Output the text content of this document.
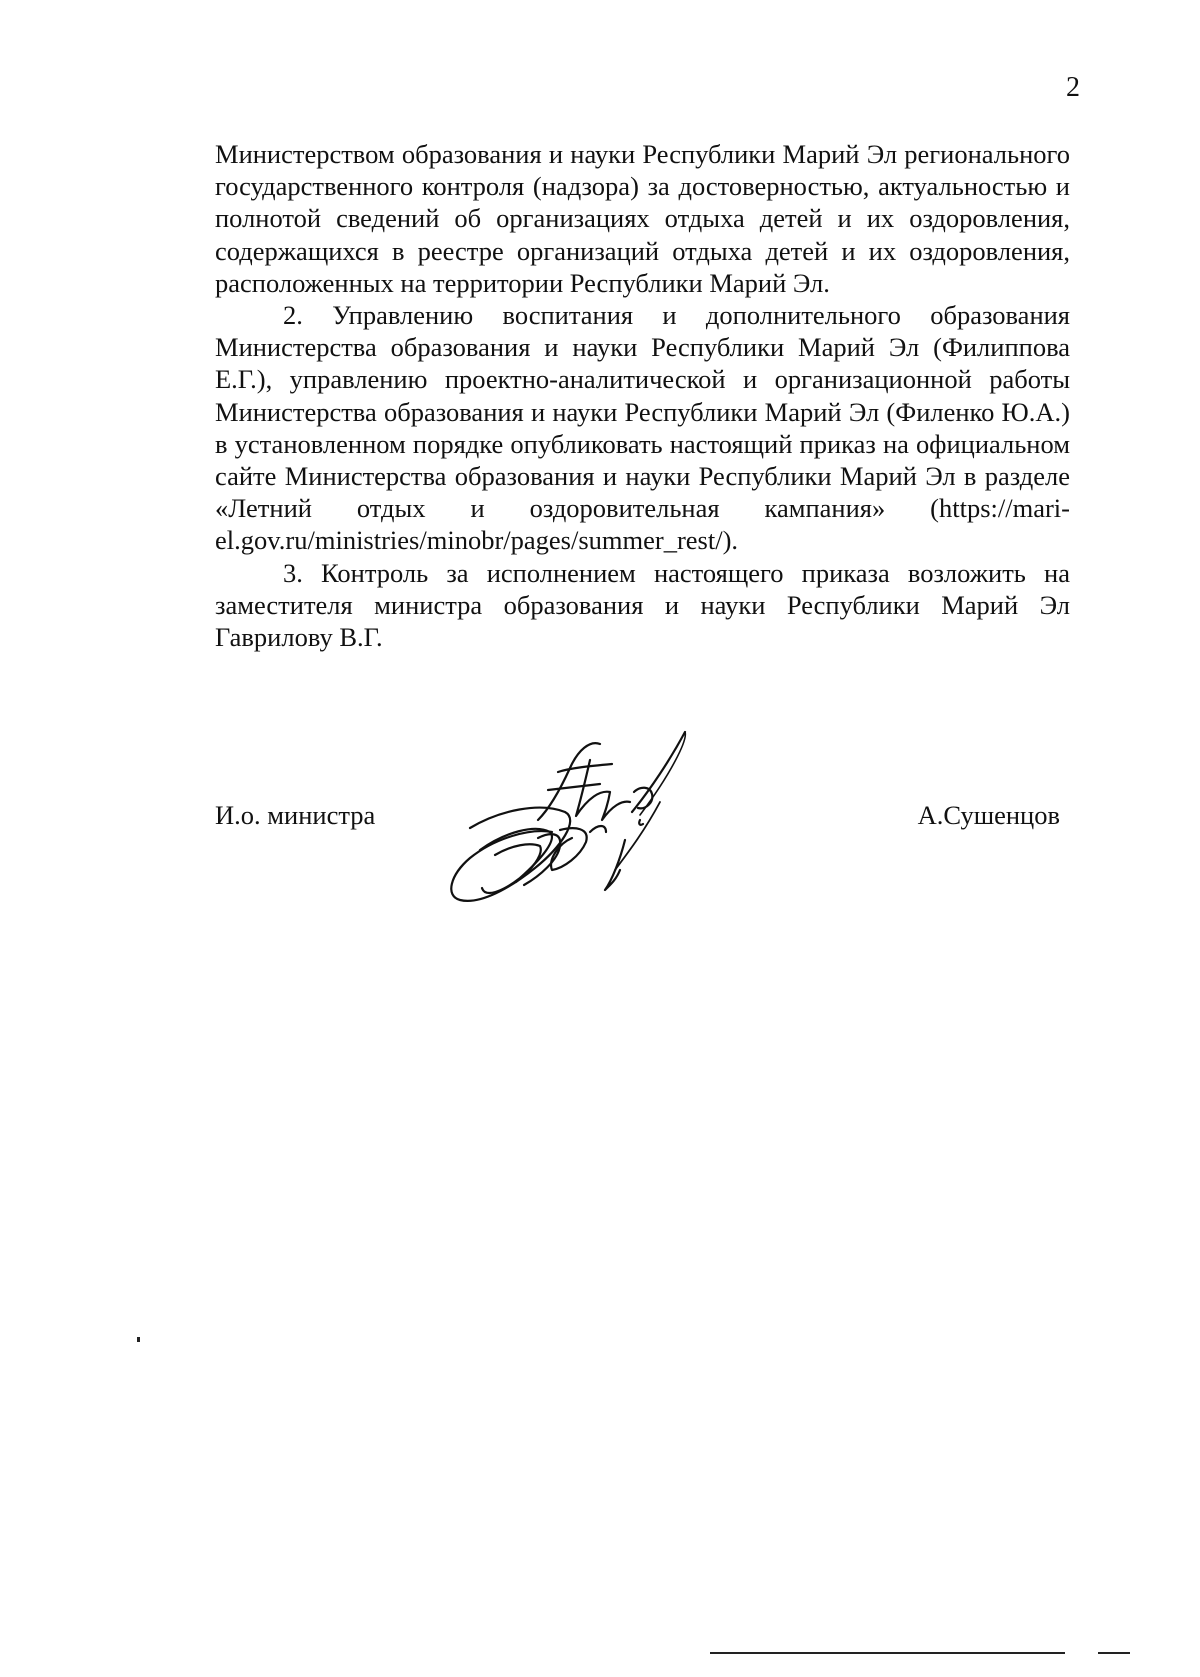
2

Министерством образования и науки Республики Марий Эл регионального государственного контроля (надзора) за достоверностью, актуальностью и полнотой сведений об организациях отдыха детей и их оздоровления, содержащихся в реестре организаций отдыха детей и их оздоровления, расположенных на территории Республики Марий Эл.

2. Управлению воспитания и дополнительного образования Министерства образования и науки Республики Марий Эл (Филиппова Е.Г.), управлению проектно-аналитической и организационной работы Министерства образования и науки Республики Марий Эл (Филенко Ю.А.) в установленном порядке опубликовать настоящий приказ на официальном сайте Министерства образования и науки Республики Марий Эл в разделе «Летний отдых и оздоровительная кампания» (https://mari-el.gov.ru/ministries/minobr/pages/summer_rest/).

3. Контроль за исполнением настоящего приказа возложить на заместителя министра образования и науки Республики Марий Эл Гаврилову В.Г.

И.о. министра	А.Сушенцов
